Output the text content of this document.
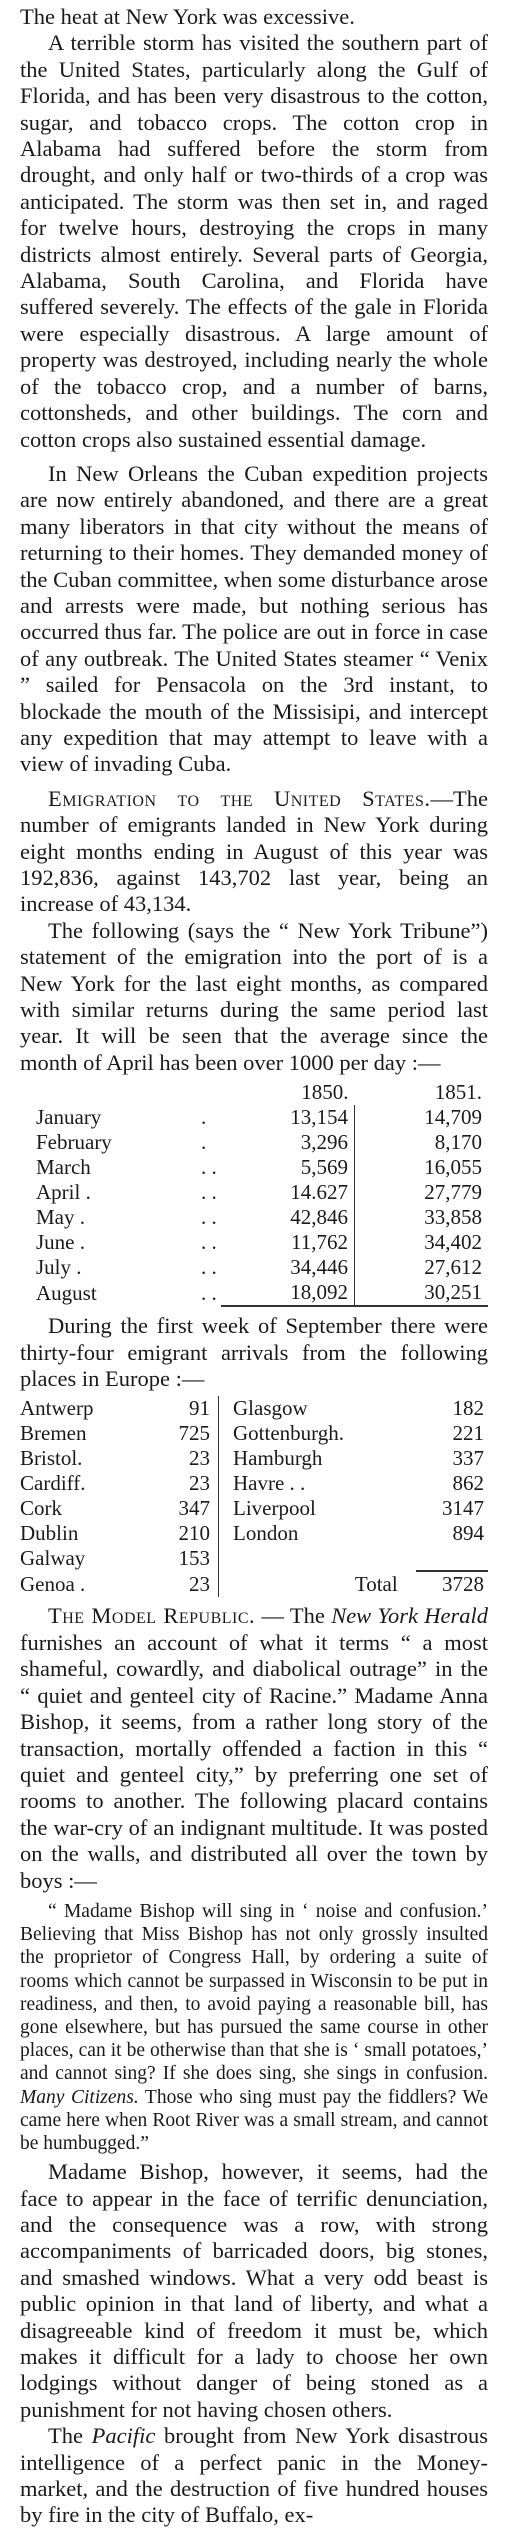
The heat at New York was excessive.

A terrible storm has visited the southern part of the United States, particularly along the Gulf of Florida, and has been very disastrous to the cotton, sugar, and tobacco crops. The cotton crop in Alabama had suffered before the storm from drought, and only half or two-thirds of a crop was anticipated. The storm was then set in, and raged for twelve hours, destroying the crops in many districts almost entirely. Several parts of Georgia, Alabama, South Carolina, and Florida have suffered severely. The effects of the gale in Florida were especially disastrous. A large amount of property was destroyed, including nearly the whole of the tobacco crop, and a number of barns, cottonsheds, and other buildings. The corn and cotton crops also sustained essential damage.

In New Orleans the Cuban expedition projects are now entirely abandoned, and there are a great many liberators in that city without the means of returning to their homes. They demanded money of the Cuban committee, when some disturbance arose and arrests were made, but nothing serious has occurred thus far. The police are out in force in case of any outbreak. The United States steamer “ Venix ” sailed for Pensacola on the 3rd instant, to blockade the mouth of the Missisipi, and intercept any expedition that may attempt to leave with a view of invading Cuba.

Emigration to the United States.—The number of emigrants landed in New York during eight months ending in August of this year was 192,836, against 143,702 last year, being an increase of 43,134.

The following (says the “ New York Tribune”) statement of the emigration into the port of is a New York for the last eight months, as compared with similar returns during the same period last year. It will be seen that the average since the month of April has been over 1000 per day :—

		1850.	1851.
January	.	13,154	14,709
February	.	3,296	8,170
March	. .	5,569	16,055
April .	. .	14.627	27,779
May .	. .	42,846	33,858
June .	. .	11,762	34,402
July .	. .	34,446	27,612
August	. .	18,092	30,251

During the first week of September there were thirty-four emigrant arrivals from the following places in Europe :—

Antwerp	91	Glasgow	182
Bremen	725	Gottenburgh.	221
Bristol.	23	Hamburgh	337
Cardiff.	23	Havre . .	862
Cork	347	Liverpool	3147
Dublin	210	London	894
Galway	153		
Genoa .	23	Total	3728

The Model Republic. — The New York Herald furnishes an account of what it terms “ a most shameful, cowardly, and diabolical outrage” in the “ quiet and genteel city of Racine.” Madame Anna Bishop, it seems, from a rather long story of the transaction, mortally offended a faction in this “ quiet and genteel city,” by preferring one set of rooms to another. The following placard contains the war-cry of an indignant multitude. It was posted on the walls, and distributed all over the town by boys :—

“ Madame Bishop will sing in ‘ noise and confusion.’ Believing that Miss Bishop has not only grossly insulted the proprietor of Congress Hall, by ordering a suite of rooms which cannot be surpassed in Wisconsin to be put in readiness, and then, to avoid paying a reasonable bill, has gone elsewhere, but has pursued the same course in other places, can it be otherwise than that she is ‘ small potatoes,’ and cannot sing? If she does sing, she sings in confusion. Many Citizens. Those who sing must pay the fiddlers? We came here when Root River was a small stream, and cannot be humbugged.”

Madame Bishop, however, it seems, had the face to appear in the face of terrific denunciation, and the consequence was a row, with strong accompaniments of barricaded doors, big stones, and smashed windows. What a very odd beast is public opinion in that land of liberty, and what a disagreeable kind of freedom it must be, which makes it difficult for a lady to choose her own lodgings without danger of being stoned as a punishment for not having chosen others.

The Pacific brought from New York disastrous intelligence of a perfect panic in the Money-market, and the destruction of five hundred houses by fire in the city of Buffalo, ex-
